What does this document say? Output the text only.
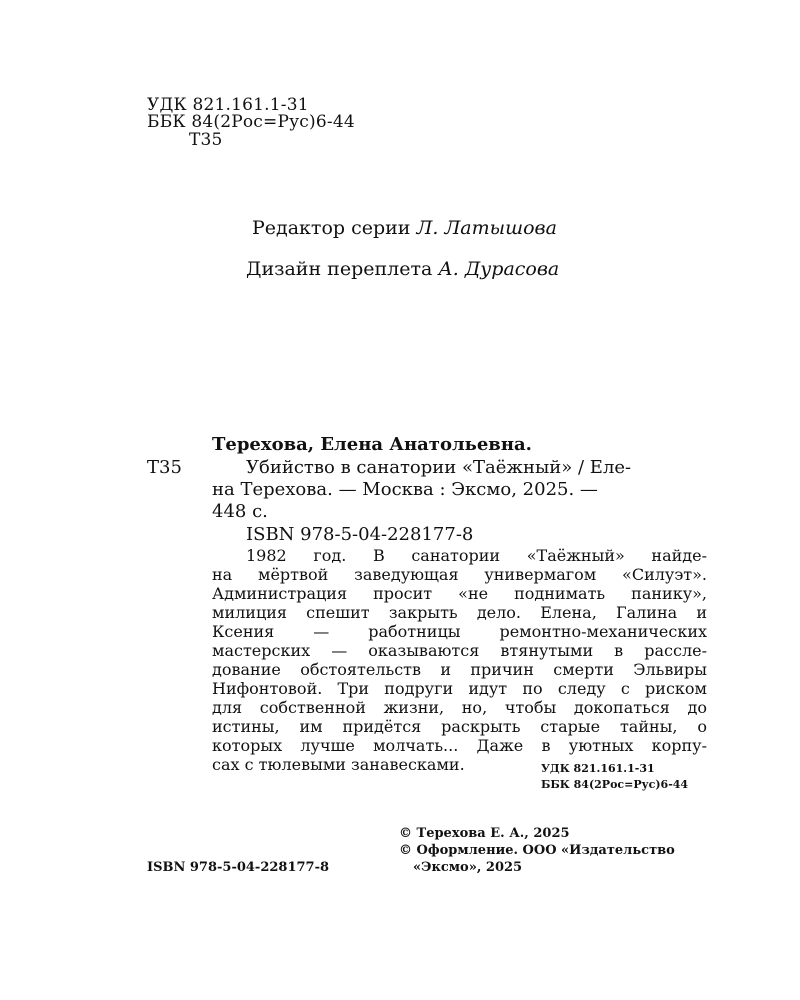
УДК 821.161.1-31
ББК 84(2Рос=Рус)6-44
Т35
Редактор серии Л. Латышова
Дизайн переплета А. Дурасова
Терехова, Елена Анатольевна.
Т35	Убийство в санатории «Таёжный» / Еле-
на Терехова. — Москва : Эксмо, 2025. —
448 с.
ISBN 978-5-04-228177-8
1982 год. В санатории «Таёжный» найде-
на мёртвой заведующая универмагом «Силуэт».
Администрация просит «не поднимать панику»,
милиция спешит закрыть дело. Елена, Галина и
Ксения — работницы ремонтно-механических
мастерских — оказываются втянутыми в рассле-
дование обстоятельств и причин смерти Эльвиры
Нифонтовой. Три подруги идут по следу с риском
для собственной жизни, но, чтобы докопаться до
истины, им придётся раскрыть старые тайны, о
которых лучше молчать... Даже в уютных корпу-
сах с тюлевыми занавесками.	УДК 821.161.1-31
ББК 84(2Рос=Рус)6-44
© Терехова Е. А., 2025
© Оформление. ООО «Издательство
«Эксмо», 2025
ISBN 978-5-04-228177-8
